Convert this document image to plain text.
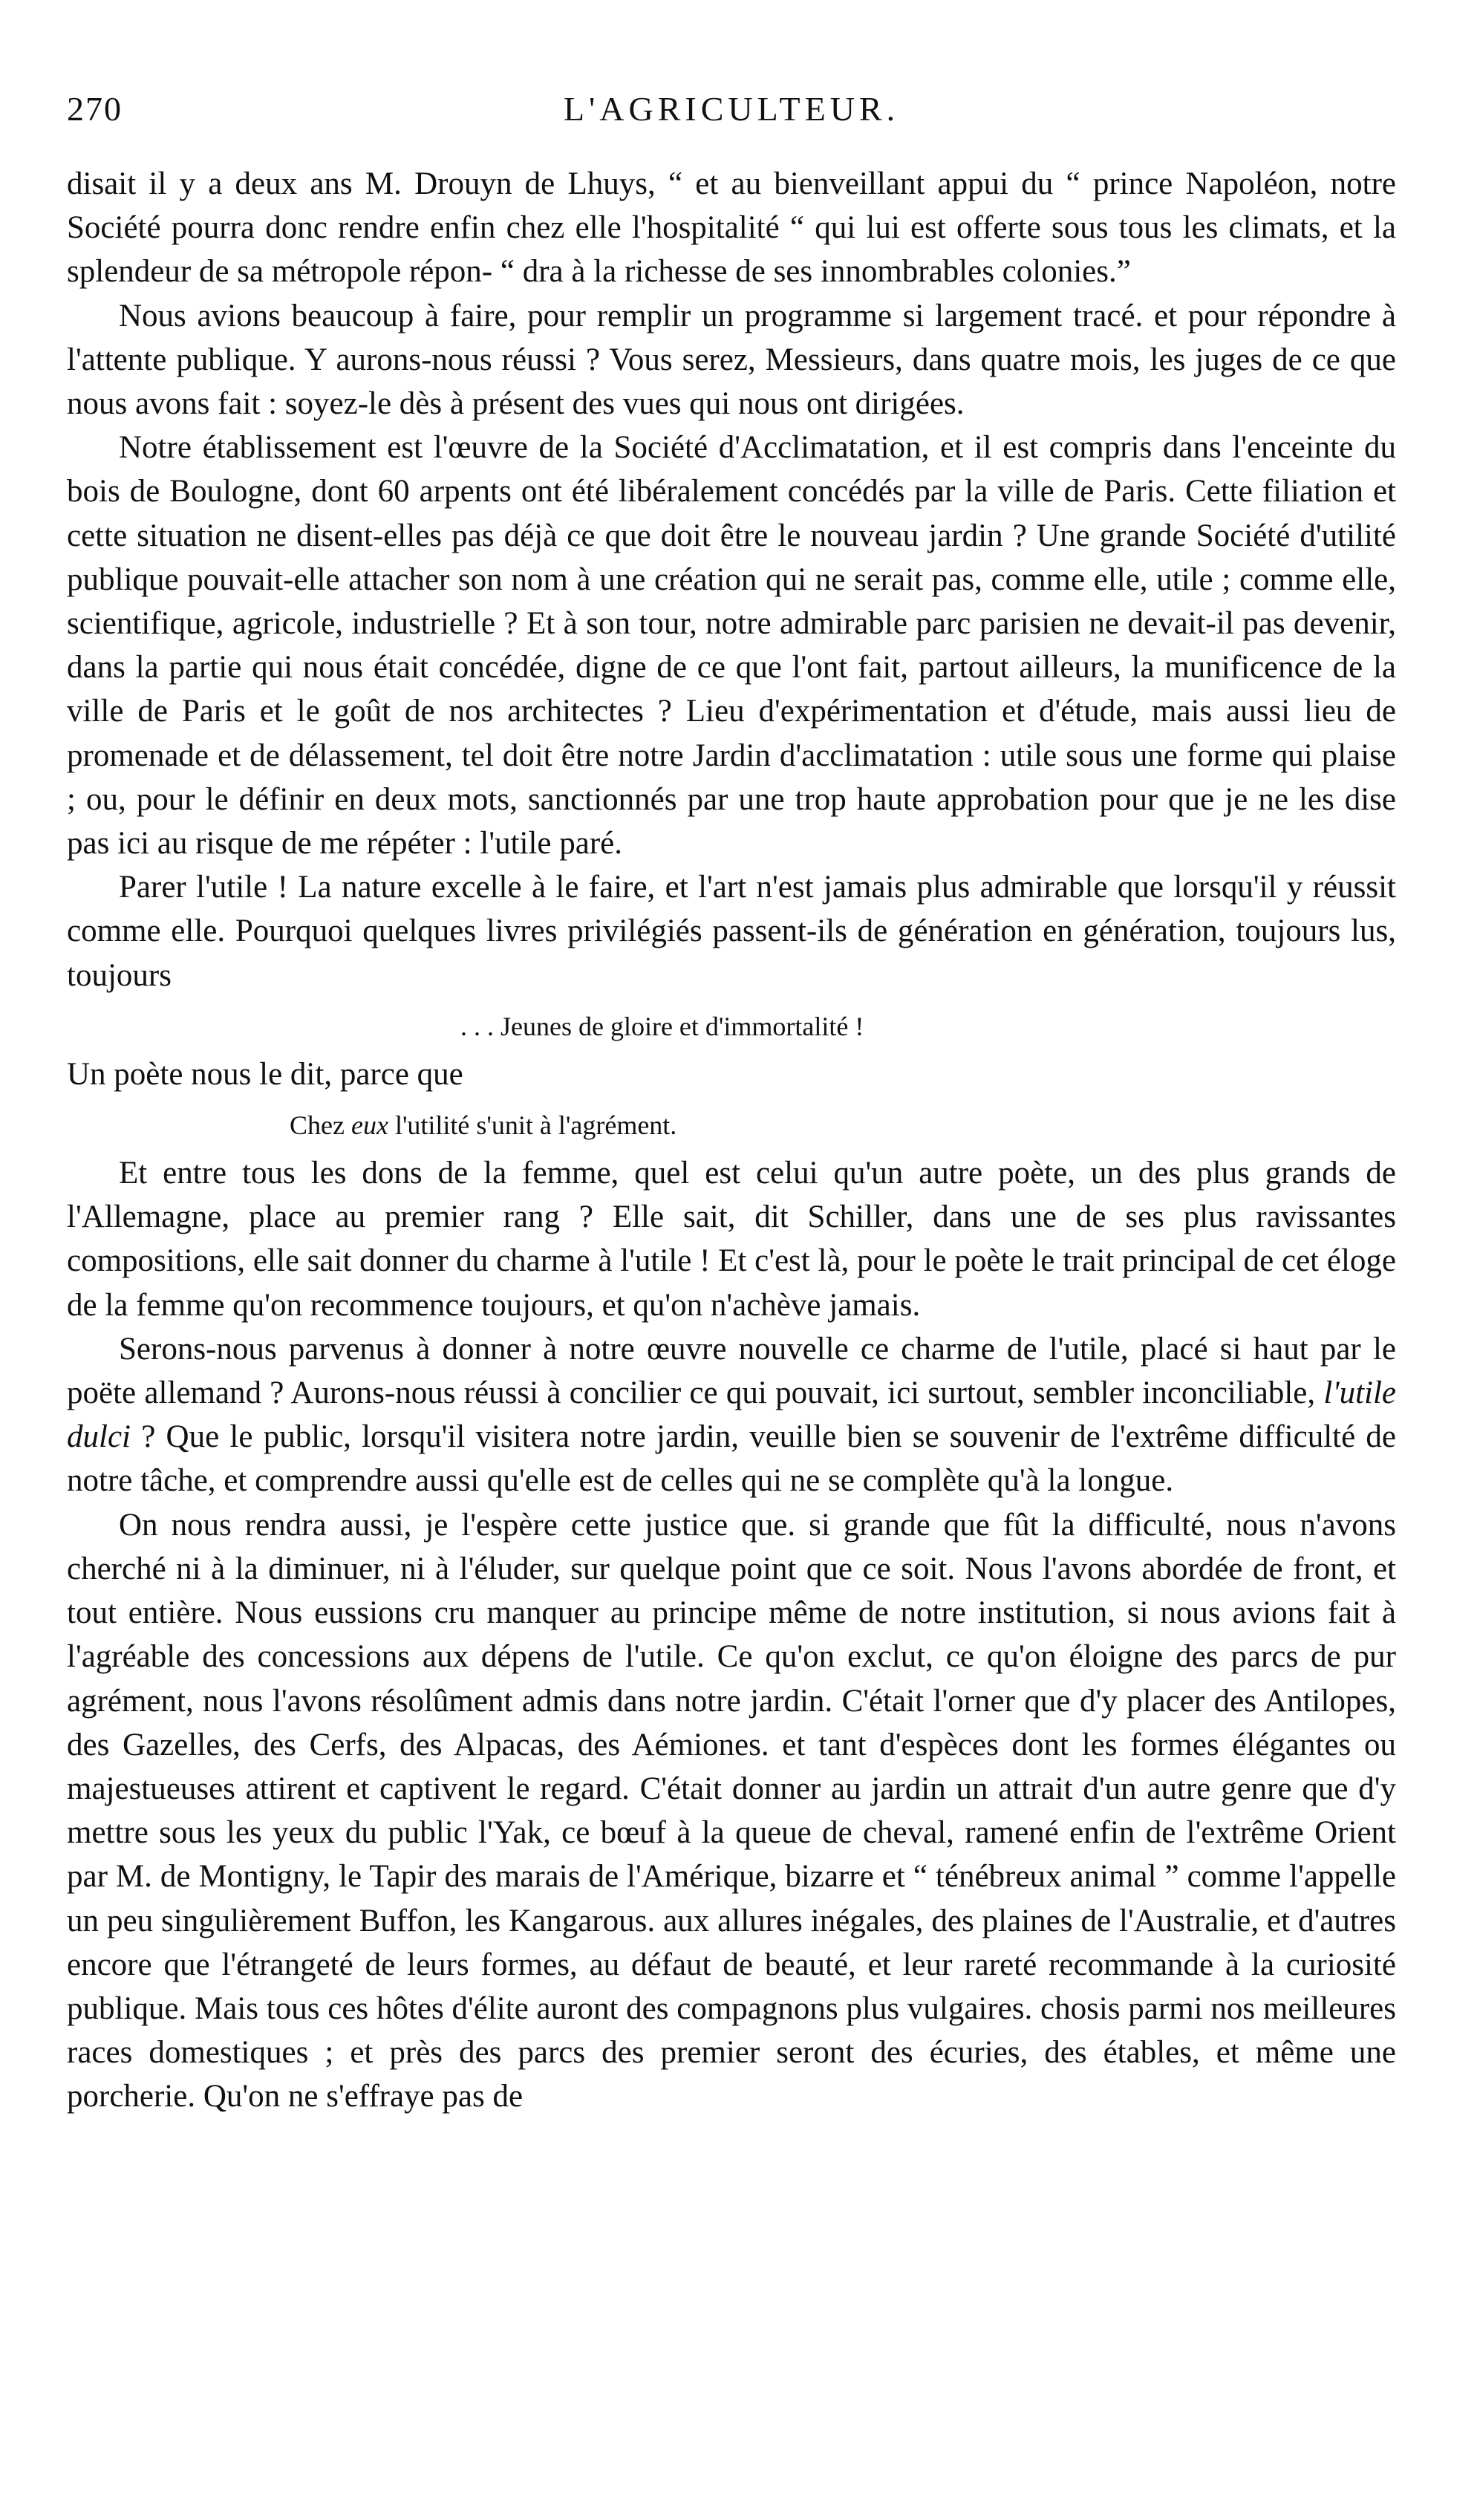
270	L'AGRICULTEUR.

disait il y a deux ans M. Drouyn de Lhuys, “ et au bienveillant appui du “ prince Napoléon, notre Société pourra donc rendre enfin chez elle l'hospitalité “ qui lui est offerte sous tous les climats, et la splendeur de sa métropole répon- “ dra à la richesse de ses innombrables colonies.”

Nous avions beaucoup à faire, pour remplir un programme si largement tracé. et pour répondre à l'attente publique. Y aurons-nous réussi ? Vous serez, Messieurs, dans quatre mois, les juges de ce que nous avons fait : soyez-le dès à présent des vues qui nous ont dirigées.

Notre établissement est l'œuvre de la Société d'Acclimatation, et il est compris dans l'enceinte du bois de Boulogne, dont 60 arpents ont été libéralement concédés par la ville de Paris. Cette filiation et cette situation ne disent-elles pas déjà ce que doit être le nouveau jardin ? Une grande Société d'utilité publique pouvait-elle attacher son nom à une création qui ne serait pas, comme elle, utile ; comme elle, scientifique, agricole, industrielle ? Et à son tour, notre admirable parc parisien ne devait-il pas devenir, dans la partie qui nous était concédée, digne de ce que l'ont fait, partout ailleurs, la munificence de la ville de Paris et le goût de nos architectes ? Lieu d'expérimentation et d'étude, mais aussi lieu de promenade et de délassement, tel doit être notre Jardin d'acclimatation : utile sous une forme qui plaise ; ou, pour le définir en deux mots, sanctionnés par une trop haute approbation pour que je ne les dise pas ici au risque de me répéter : l'utile paré.

Parer l'utile ! La nature excelle à le faire, et l'art n'est jamais plus admirable que lorsqu'il y réussit comme elle. Pourquoi quelques livres privilégiés passent-ils de génération en génération, toujours lus, toujours

. . . Jeunes de gloire et d'immortalité !

Un poète nous le dit, parce que

Chez eux l'utilité s'unit à l'agrément.

Et entre tous les dons de la femme, quel est celui qu'un autre poète, un des plus grands de l'Allemagne, place au premier rang ? Elle sait, dit Schiller, dans une de ses plus ravissantes compositions, elle sait donner du charme à l'utile ! Et c'est là, pour le poète le trait principal de cet éloge de la femme qu'on recommence toujours, et qu'on n'achève jamais.

Serons-nous parvenus à donner à notre œuvre nouvelle ce charme de l'utile, placé si haut par le poëte allemand ? Aurons-nous réussi à concilier ce qui pouvait, ici surtout, sembler inconciliable, l'utile dulci ? Que le public, lorsqu'il visitera notre jardin, veuille bien se souvenir de l'extrême difficulté de notre tâche, et comprendre aussi qu'elle est de celles qui ne se complète qu'à la longue.

On nous rendra aussi, je l'espère cette justice que. si grande que fût la difficulté, nous n'avons cherché ni à la diminuer, ni à l'éluder, sur quelque point que ce soit. Nous l'avons abordée de front, et tout entière. Nous eussions cru manquer au principe même de notre institution, si nous avions fait à l'agréable des concessions aux dépens de l'utile. Ce qu'on exclut, ce qu'on éloigne des parcs de pur agrément, nous l'avons résolûment admis dans notre jardin. C'était l'orner que d'y placer des Antilopes, des Gazelles, des Cerfs, des Alpacas, des Aémiones. et tant d'espèces dont les formes élégantes ou majestueuses attirent et captivent le regard. C'était donner au jardin un attrait d'un autre genre que d'y mettre sous les yeux du public l'Yak, ce bœuf à la queue de cheval, ramené enfin de l'extrême Orient par M. de Montigny, le Tapir des marais de l'Amérique, bizarre et “ ténébreux animal ” comme l'appelle un peu singulièrement Buffon, les Kangarous. aux allures inégales, des plaines de l'Australie, et d'autres encore que l'étrangeté de leurs formes, au défaut de beauté, et leur rareté recommande à la curiosité publique. Mais tous ces hôtes d'élite auront des compagnons plus vulgaires. chosis parmi nos meilleures races domestiques ; et près des parcs des premier seront des écuries, des étables, et même une porcherie. Qu'on ne s'effraye pas de
